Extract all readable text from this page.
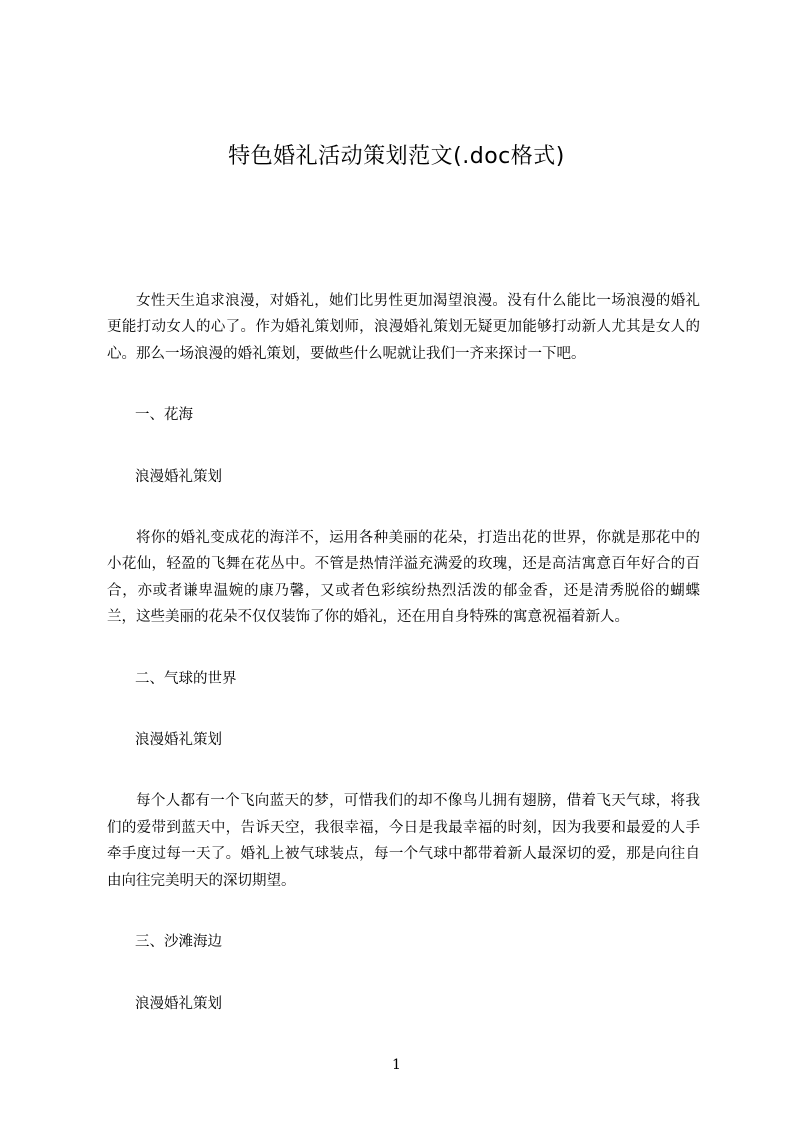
特色婚礼活动策划范文(.doc格式)

女性天生追求浪漫，对婚礼，她们比男性更加渴望浪漫。没有什么能比一场浪漫的婚礼更能打动女人的心了。作为婚礼策划师，浪漫婚礼策划无疑更加能够打动新人尤其是女人的心。那么一场浪漫的婚礼策划，要做些什么呢就让我们一齐来探讨一下吧。

一、花海

浪漫婚礼策划

将你的婚礼变成花的海洋不，运用各种美丽的花朵，打造出花的世界，你就是那花中的小花仙，轻盈的飞舞在花丛中。不管是热情洋溢充满爱的玫瑰，还是高洁寓意百年好合的百合，亦或者谦卑温婉的康乃馨，又或者色彩缤纷热烈活泼的郁金香，还是清秀脱俗的蝴蝶兰，这些美丽的花朵不仅仅装饰了你的婚礼，还在用自身特殊的寓意祝福着新人。

二、气球的世界

浪漫婚礼策划

每个人都有一个飞向蓝天的梦，可惜我们的却不像鸟儿拥有翅膀，借着飞天气球，将我们的爱带到蓝天中，告诉天空，我很幸福，今日是我最幸福的时刻，因为我要和最爱的人手牵手度过每一天了。婚礼上被气球装点，每一个气球中都带着新人最深切的爱，那是向往自由向往完美明天的深切期望。

三、沙滩海边

浪漫婚礼策划

1
